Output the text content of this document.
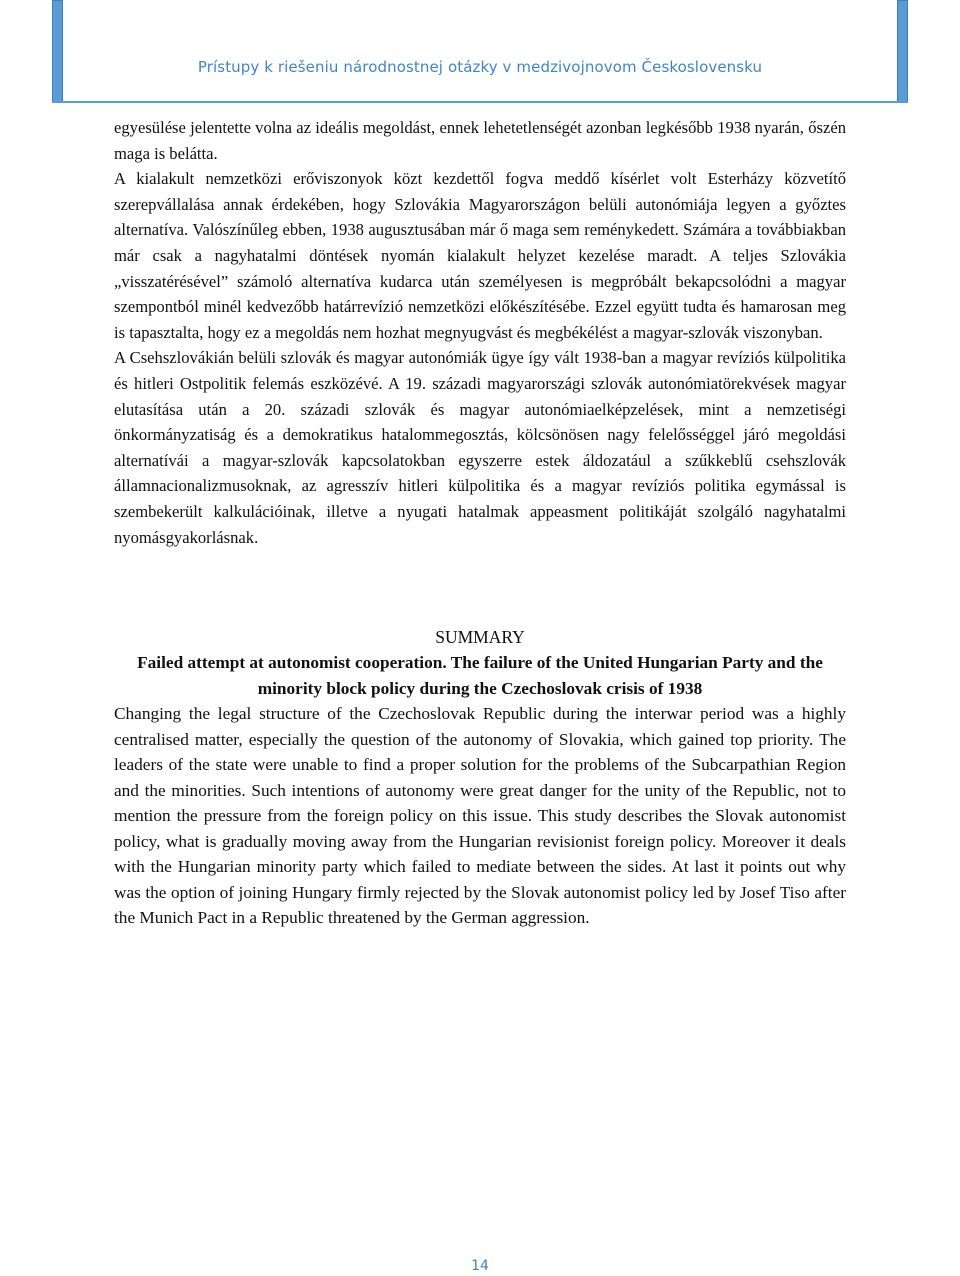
Prístupy k riešeniu národnostnej otázky v medzivojnovom Československu

egyesülése jelentette volna az ideális megoldást, ennek lehetetlenségét azonban legkésőbb 1938 nyarán, őszén maga is belátta.

A kialakult nemzetközi erőviszonyok közt kezdettől fogva meddő kísérlet volt Esterházy közvetítő szerepvállalása annak érdekében, hogy Szlovákia Magyarországon belüli autonómiája legyen a győztes alternatíva. Valószínűleg ebben, 1938 augusztusában már ő maga sem reménykedett. Számára a továbbiakban már csak a nagyhatalmi döntések nyomán kialakult helyzet kezelése maradt. A teljes Szlovákia „visszatérésével” számoló alternatíva kudarca után személyesen is megpróbált bekapcsolódni a magyar szempontból minél kedvezőbb határrevízió nemzetközi előkészítésébe. Ezzel együtt tudta és hamarosan meg is tapasztalta, hogy ez a megoldás nem hozhat megnyugvást és megbékélést a magyar-szlovák viszonyban.

A Csehszlovákián belüli szlovák és magyar autonómiák ügye így vált 1938-ban a magyar revíziós külpolitika és hitleri Ostpolitik felemás eszközévé. A 19. századi magyarországi szlovák autonómiatörekvések magyar elutasítása után a 20. századi szlovák és magyar autonómiaelképzelések, mint a nemzetiségi önkormányzatiság és a demokratikus hatalommegosztás, kölcsönösen nagy felelősséggel járó megoldási alternatívái a magyar-szlovák kapcsolatokban egyszerre estek áldozatául a szűkkeblű csehszlovák államnacionalizmusoknak, az agresszív hitleri külpolitika és a magyar revíziós politika egymással is szembekerült kalkulációinak, illetve a nyugati hatalmak appeasment politikáját szolgáló nagyhatalmi nyomásgyakorlásnak.

SUMMARY

Failed attempt at autonomist cooperation. The failure of the United Hungarian Party and the minority block policy during the Czechoslovak crisis of 1938

Changing the legal structure of the Czechoslovak Republic during the interwar period was a highly centralised matter, especially the question of the autonomy of Slovakia, which gained top priority. The leaders of the state were unable to find a proper solution for the problems of the Subcarpathian Region and the minorities. Such intentions of autonomy were great danger for the unity of the Republic, not to mention the pressure from the foreign policy on this issue. This study describes the Slovak autonomist policy, what is gradually moving away from the Hungarian revisionist foreign policy. Moreover it deals with the Hungarian minority party which failed to mediate between the sides. At last it points out why was the option of joining Hungary firmly rejected by the Slovak autonomist policy led by Josef Tiso after the Munich Pact in a Republic threatened by the German aggression.

14
